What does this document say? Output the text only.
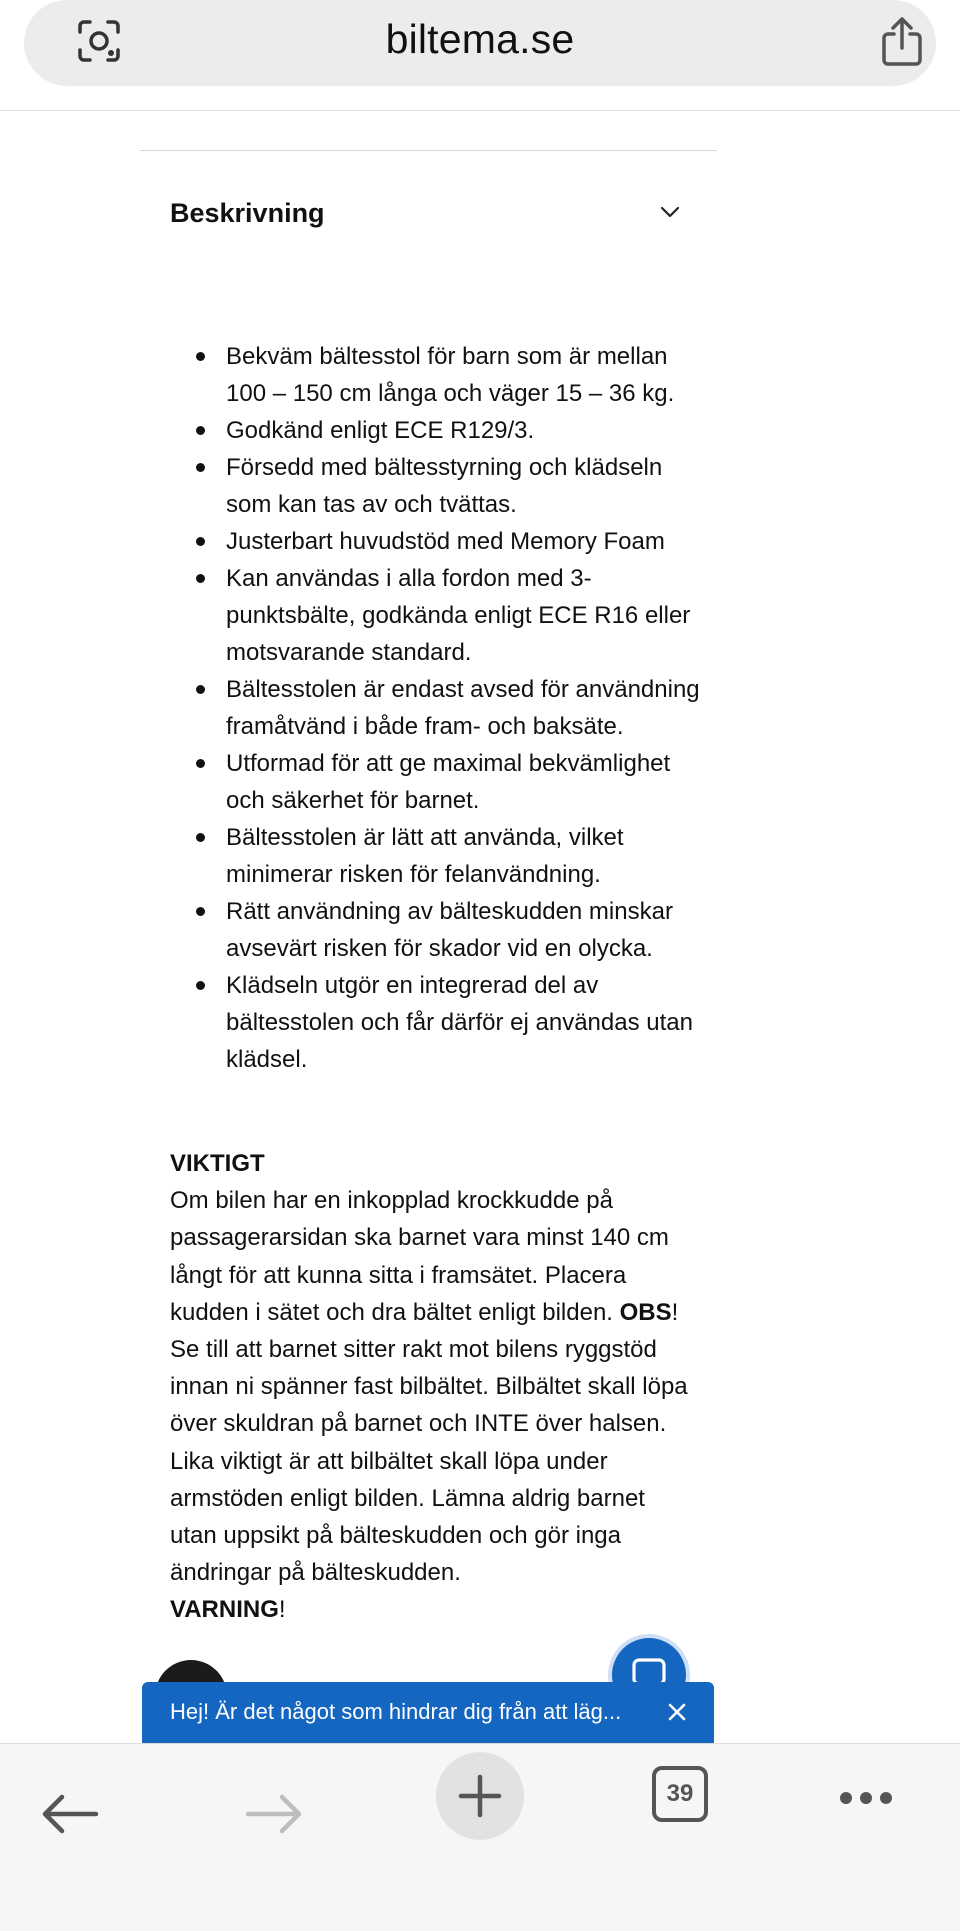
biltema.se
Beskrivning
Bekväm bältesstol för barn som är mellan 100 – 150 cm långa och väger 15 – 36 kg.
Godkänd enligt ECE R129/3.
Försedd med bältesstyrning och klädseln som kan tas av och tvättas.
Justerbart huvudstöd med Memory Foam
Kan användas i alla fordon med 3-punktsbälte, godkända enligt ECE R16 eller motsvarande standard.
Bältesstolen är endast avsed för användning framåtvänd i både fram- och baksäte.
Utformad för att ge maximal bekvämlighet och säkerhet för barnet.
Bältesstolen är lätt att använda, vilket minimerar risken för felanvändning.
Rätt användning av bälteskudden minskar avsevärt risken för skador vid en olycka.
Klädseln utgör en integrerad del av bältesstolen och får därför ej användas utan klädsel.
VIKTIGT
Om bilen har en inkopplad krockkudde på passagerarsidan ska barnet vara minst 140 cm långt för att kunna sitta i framsätet. Placera kudden i sätet och dra bältet enligt bilden. OBS! Se till att barnet sitter rakt mot bilens ryggstöd innan ni spänner fast bilbältet. Bilbältet skall löpa över skuldran på barnet och INTE över halsen. Lika viktigt är att bilbältet skall löpa under armstöden enligt bilden. Lämna aldrig barnet utan uppsikt på bälteskudden och gör inga ändringar på bälteskudden.
VARNING!
Hej! Är det något som hindrar dig från att läg...
39
